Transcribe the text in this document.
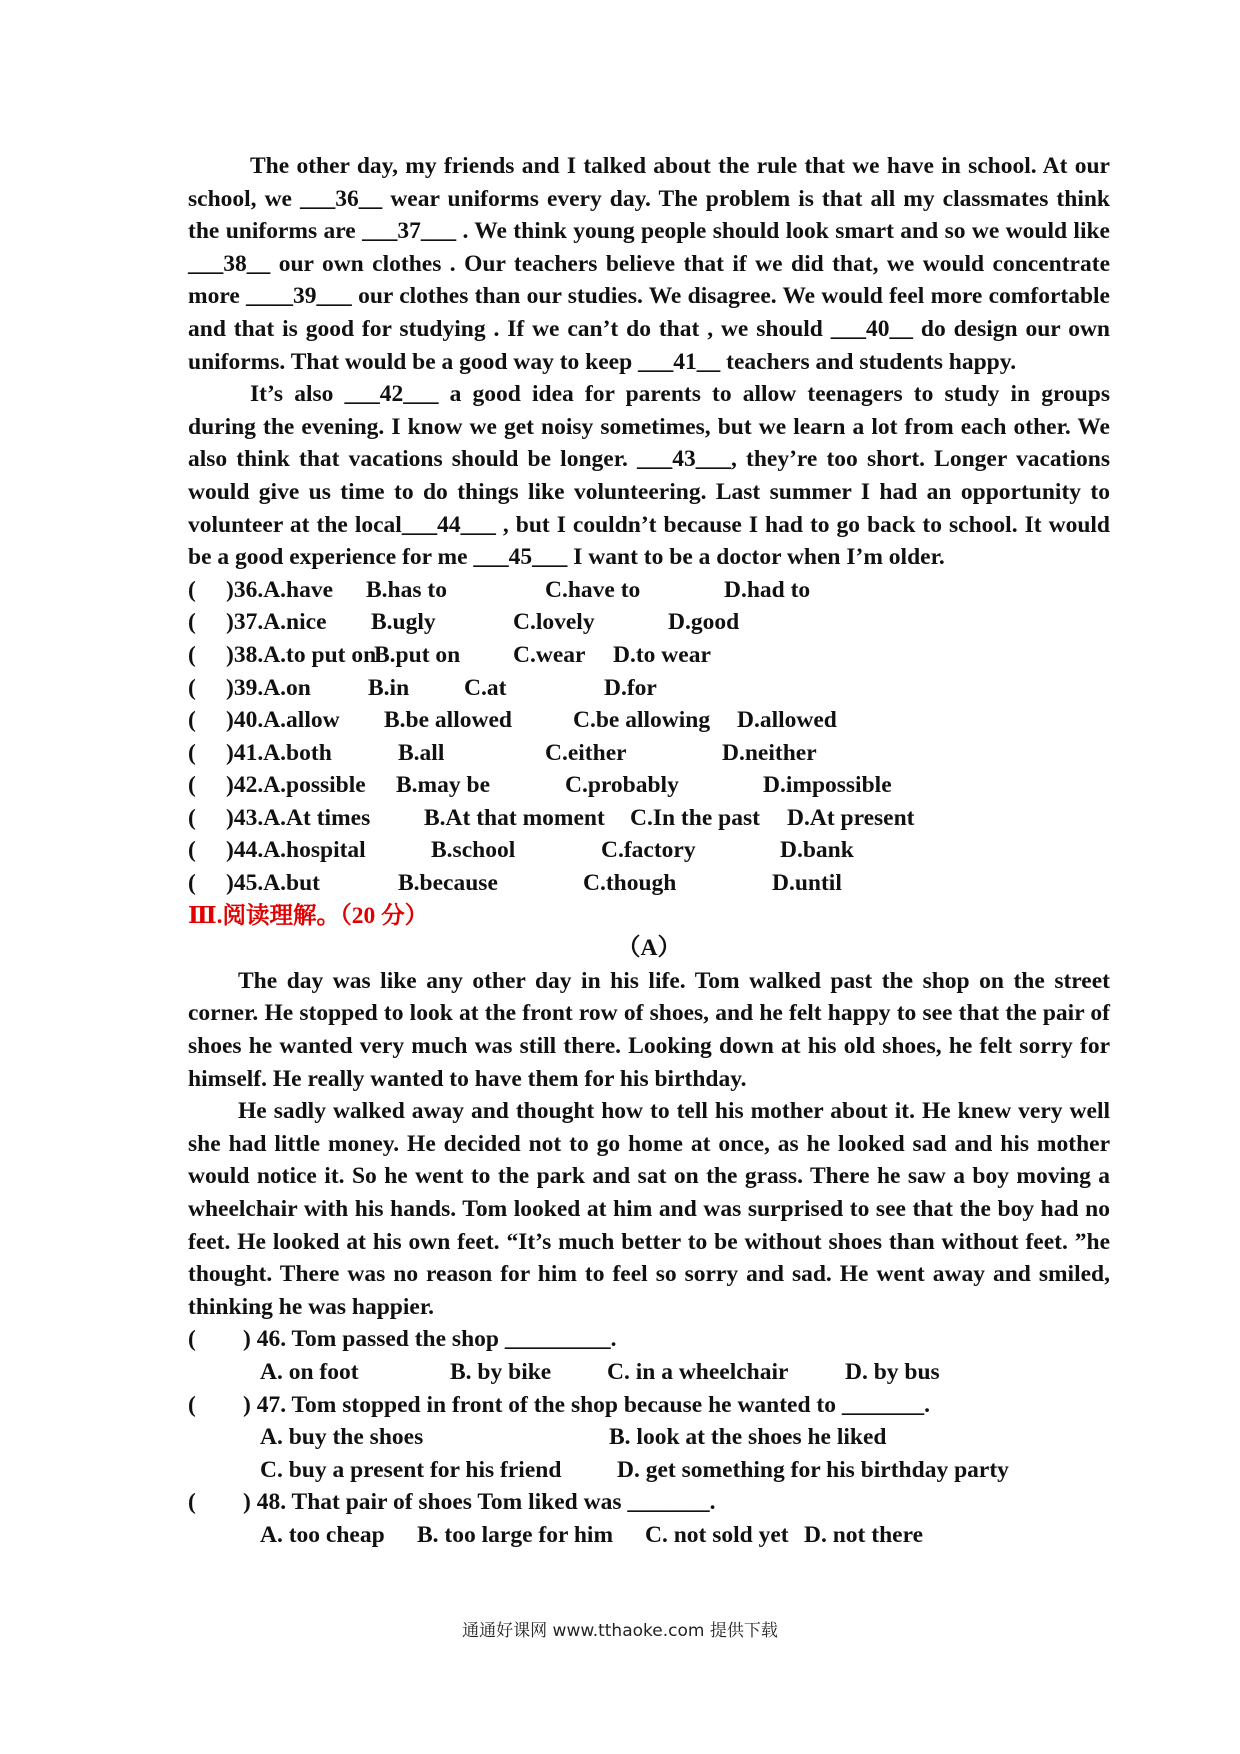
The other day, my friends and I talked about the rule that we have in school. At our school, we ___36__ wear uniforms every day. The problem is that all my classmates think the uniforms are ___37___ . We think young people should look smart and so we would like ___38__ our own clothes . Our teachers believe that if we did that, we would concentrate more ____39___ our clothes than our studies. We disagree. We would feel more comfortable and that is good for studying . If we can’t do that , we should ___40__ do design our own uniforms. That would be a good way to keep ___41__ teachers and students happy.

It’s also ___42___ a good idea for parents to allow teenagers to study in groups during the evening. I know we get noisy sometimes, but we learn a lot from each other. We also think that vacations should be longer. ___43___, they’re too short. Longer vacations would give us time to do things like volunteering. Last summer I had an opportunity to volunteer at the local___44___ , but I couldn’t because I had to go back to school. It would be a good experience for me ___45___ I want to be a doctor when I’m older.

( )36.A.have B.has to	C.have to	D.had to
( )37.A.nice B.ugly	C.lovely	D.good
( )38.A.to put on
B.put on C.wear D.to wear
( )39.A.on B.in C.at	D.for
( )40.A.allow B.be allowed	C.be allowing D.allowed
( )41.A.both	B.all	C.either	D.neither
( )42.A.possible B.may be	C.probably	D.impossible
( )43.A.At times B.At that moment C.In the past D.At present
( )44.A.hospital	B.school	C.factory	D.bank
( )45.A.but	B.because	C.though	D.until
Ⅲ.阅读理解。（20 分）
（A）

The day was like any other day in his life. Tom walked past the shop on the street corner. He stopped to look at the front row of shoes, and he felt happy to see that the pair of shoes he wanted very much was still there. Looking down at his old shoes, he felt sorry for himself. He really wanted to have them for his birthday.

He sadly walked away and thought how to tell his mother about it. He knew very well she had little money. He decided not to go home at once, as he looked sad and his mother would notice it. So he went to the park and sat on the grass. There he saw a boy moving a wheelchair with his hands. Tom looked at him and was surprised to see that the boy had no feet. He looked at his own feet. “It’s much better to be without shoes than without feet. ”he thought. There was no reason for him to feel so sorry and sad. He went away and smiled, thinking he was happier.

( ) 46. Tom passed the shop _________.
A. on foot	B. by bike C. in a wheelchair D. by bus
( ) 47. Tom stopped in front of the shop because he wanted to _______.
A. buy the shoes	B. look at the shoes he liked
C. buy a present for his friend D. get something for his birthday party
( ) 48. That pair of shoes Tom liked was _______.
A. too cheap B. too large for him C. not sold yet D. not there
通通好课网 www.tthaoke.com 提供下载
